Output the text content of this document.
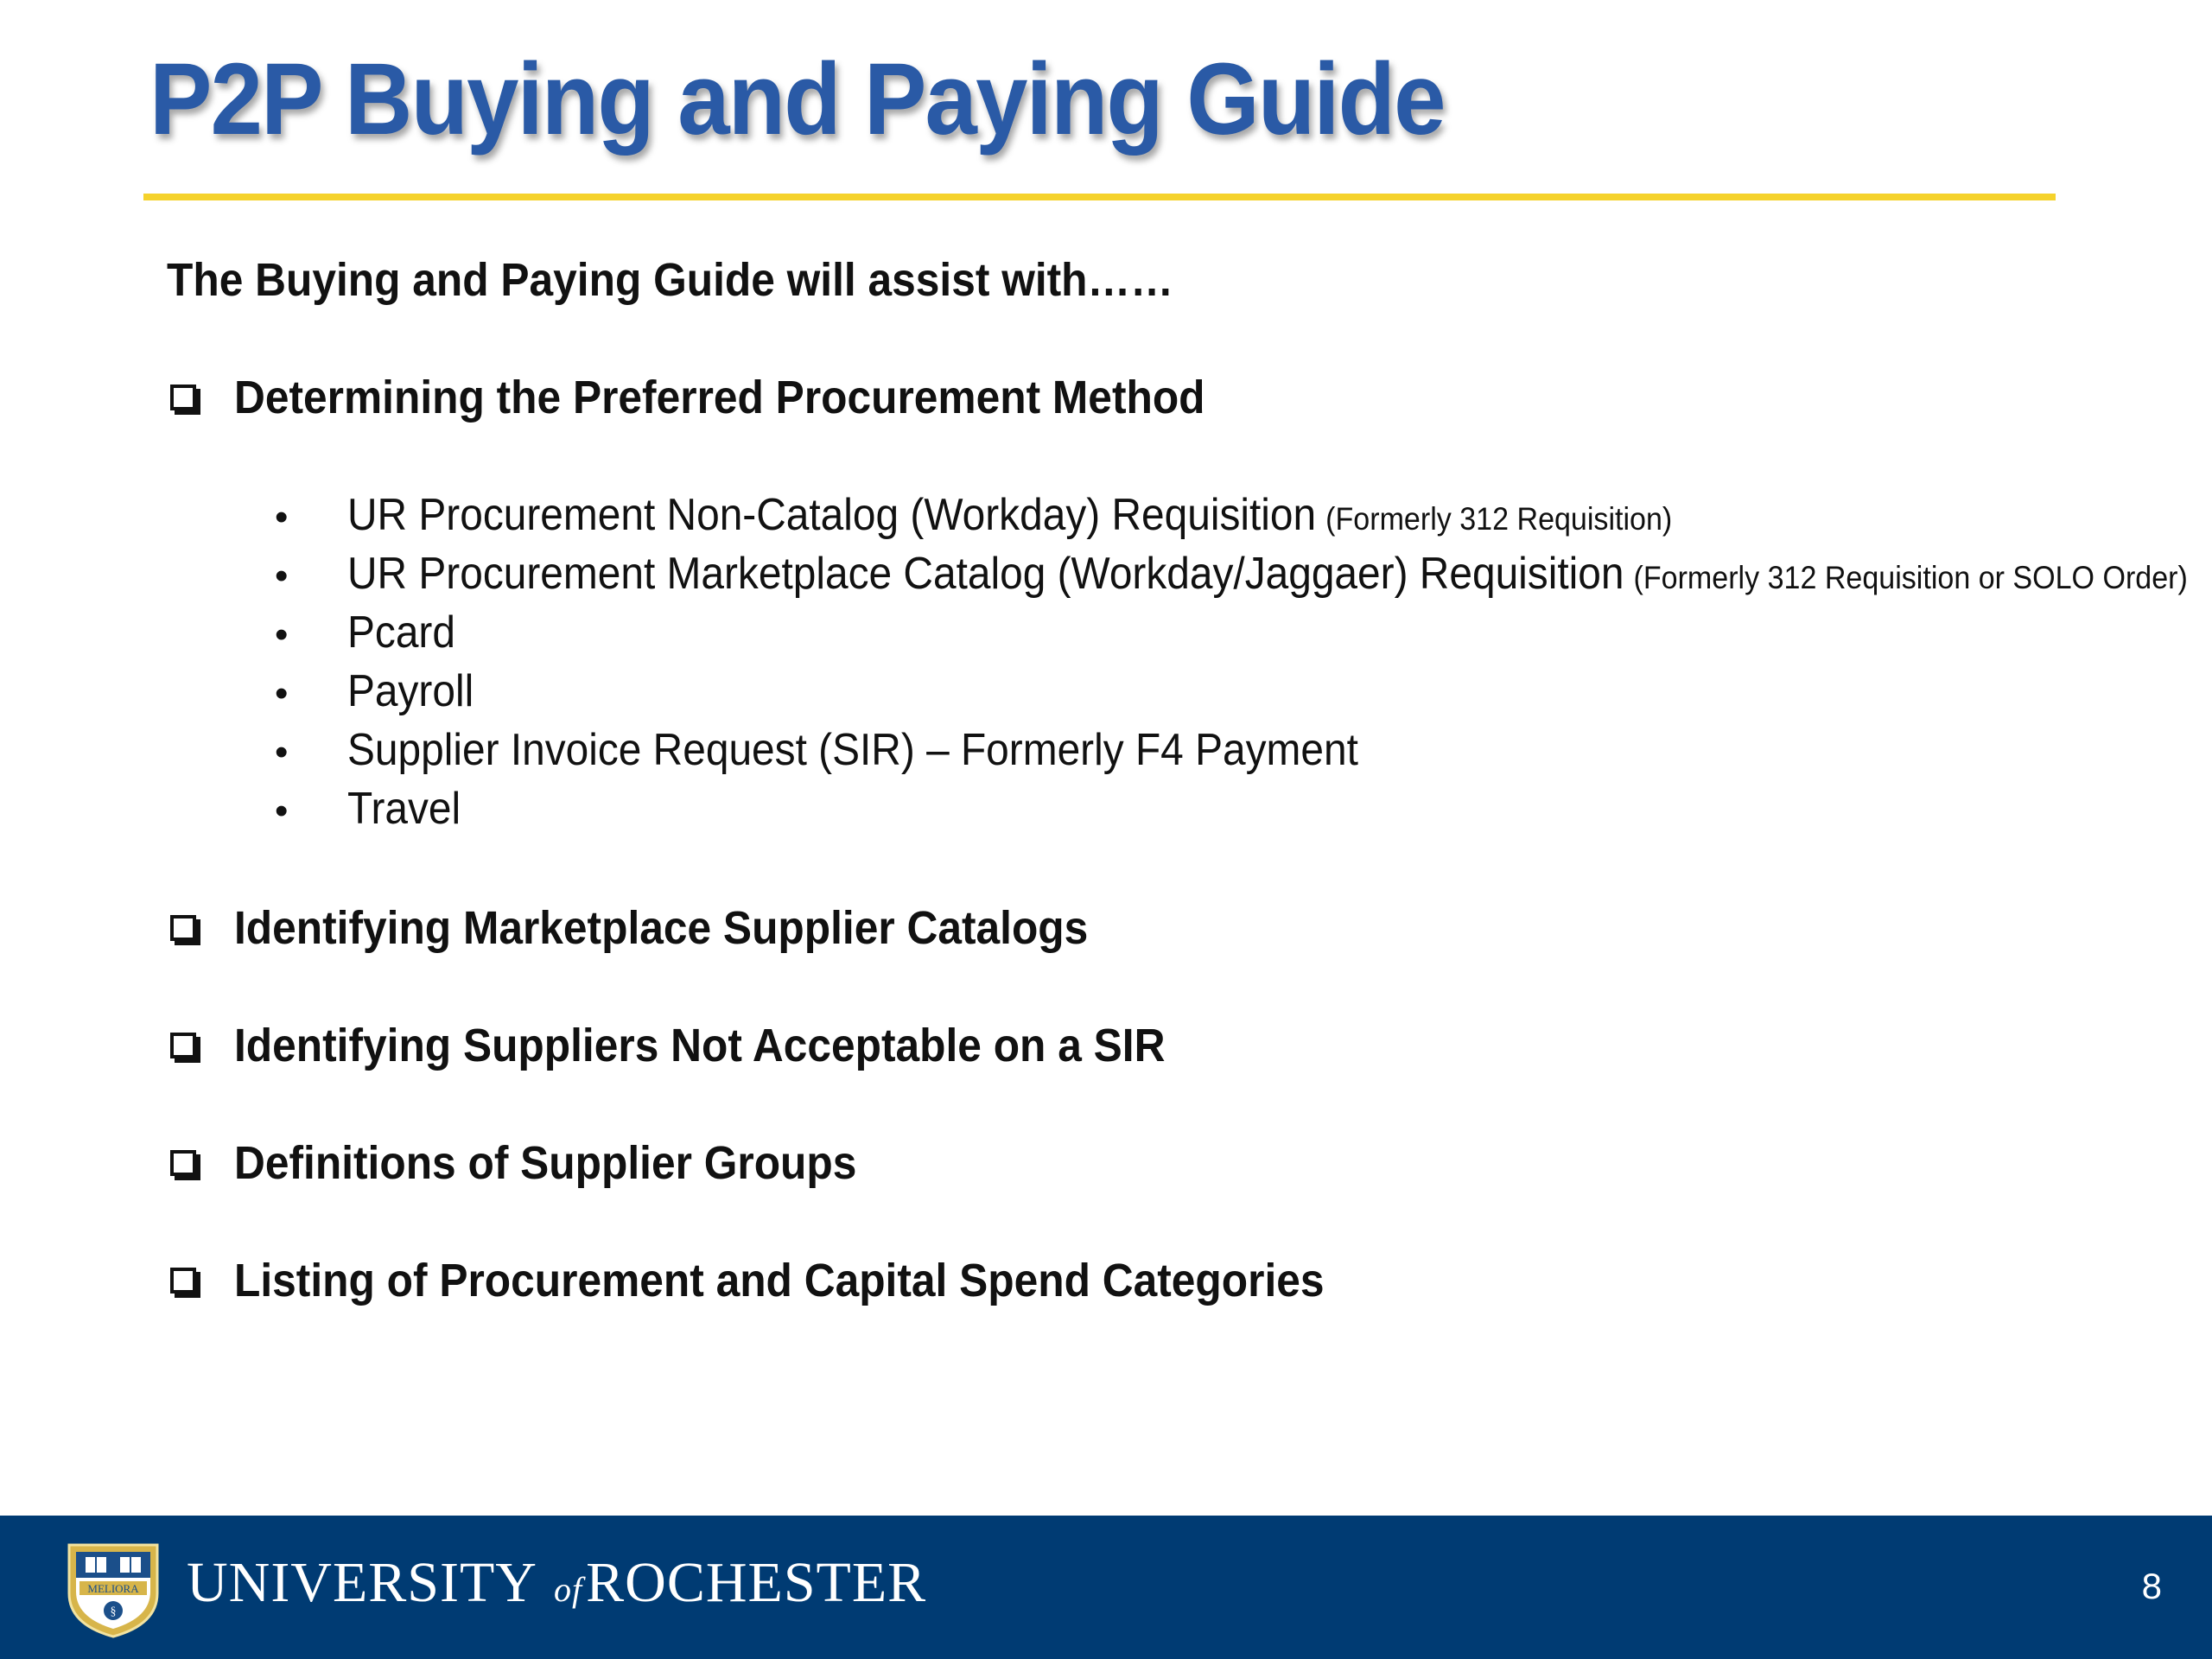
P2P Buying and Paying Guide

The Buying and Paying Guide will assist with……

Determining the Preferred Procurement Method
•	UR Procurement Non-Catalog (Workday) Requisition (Formerly 312 Requisition)
•	UR Procurement Marketplace Catalog (Workday/Jaggaer) Requisition (Formerly 312 Requisition or SOLO Order)
•	Pcard
•	Payroll
•	Supplier Invoice Request (SIR) – Formerly F4 Payment
•	Travel
Identifying Marketplace Supplier Catalogs
Identifying Suppliers Not Acceptable on a SIR
Definitions of Supplier Groups
Listing of Procurement and Capital Spend Categories
MELIORA
§ UNIVERSITY ofROCHESTER	8
